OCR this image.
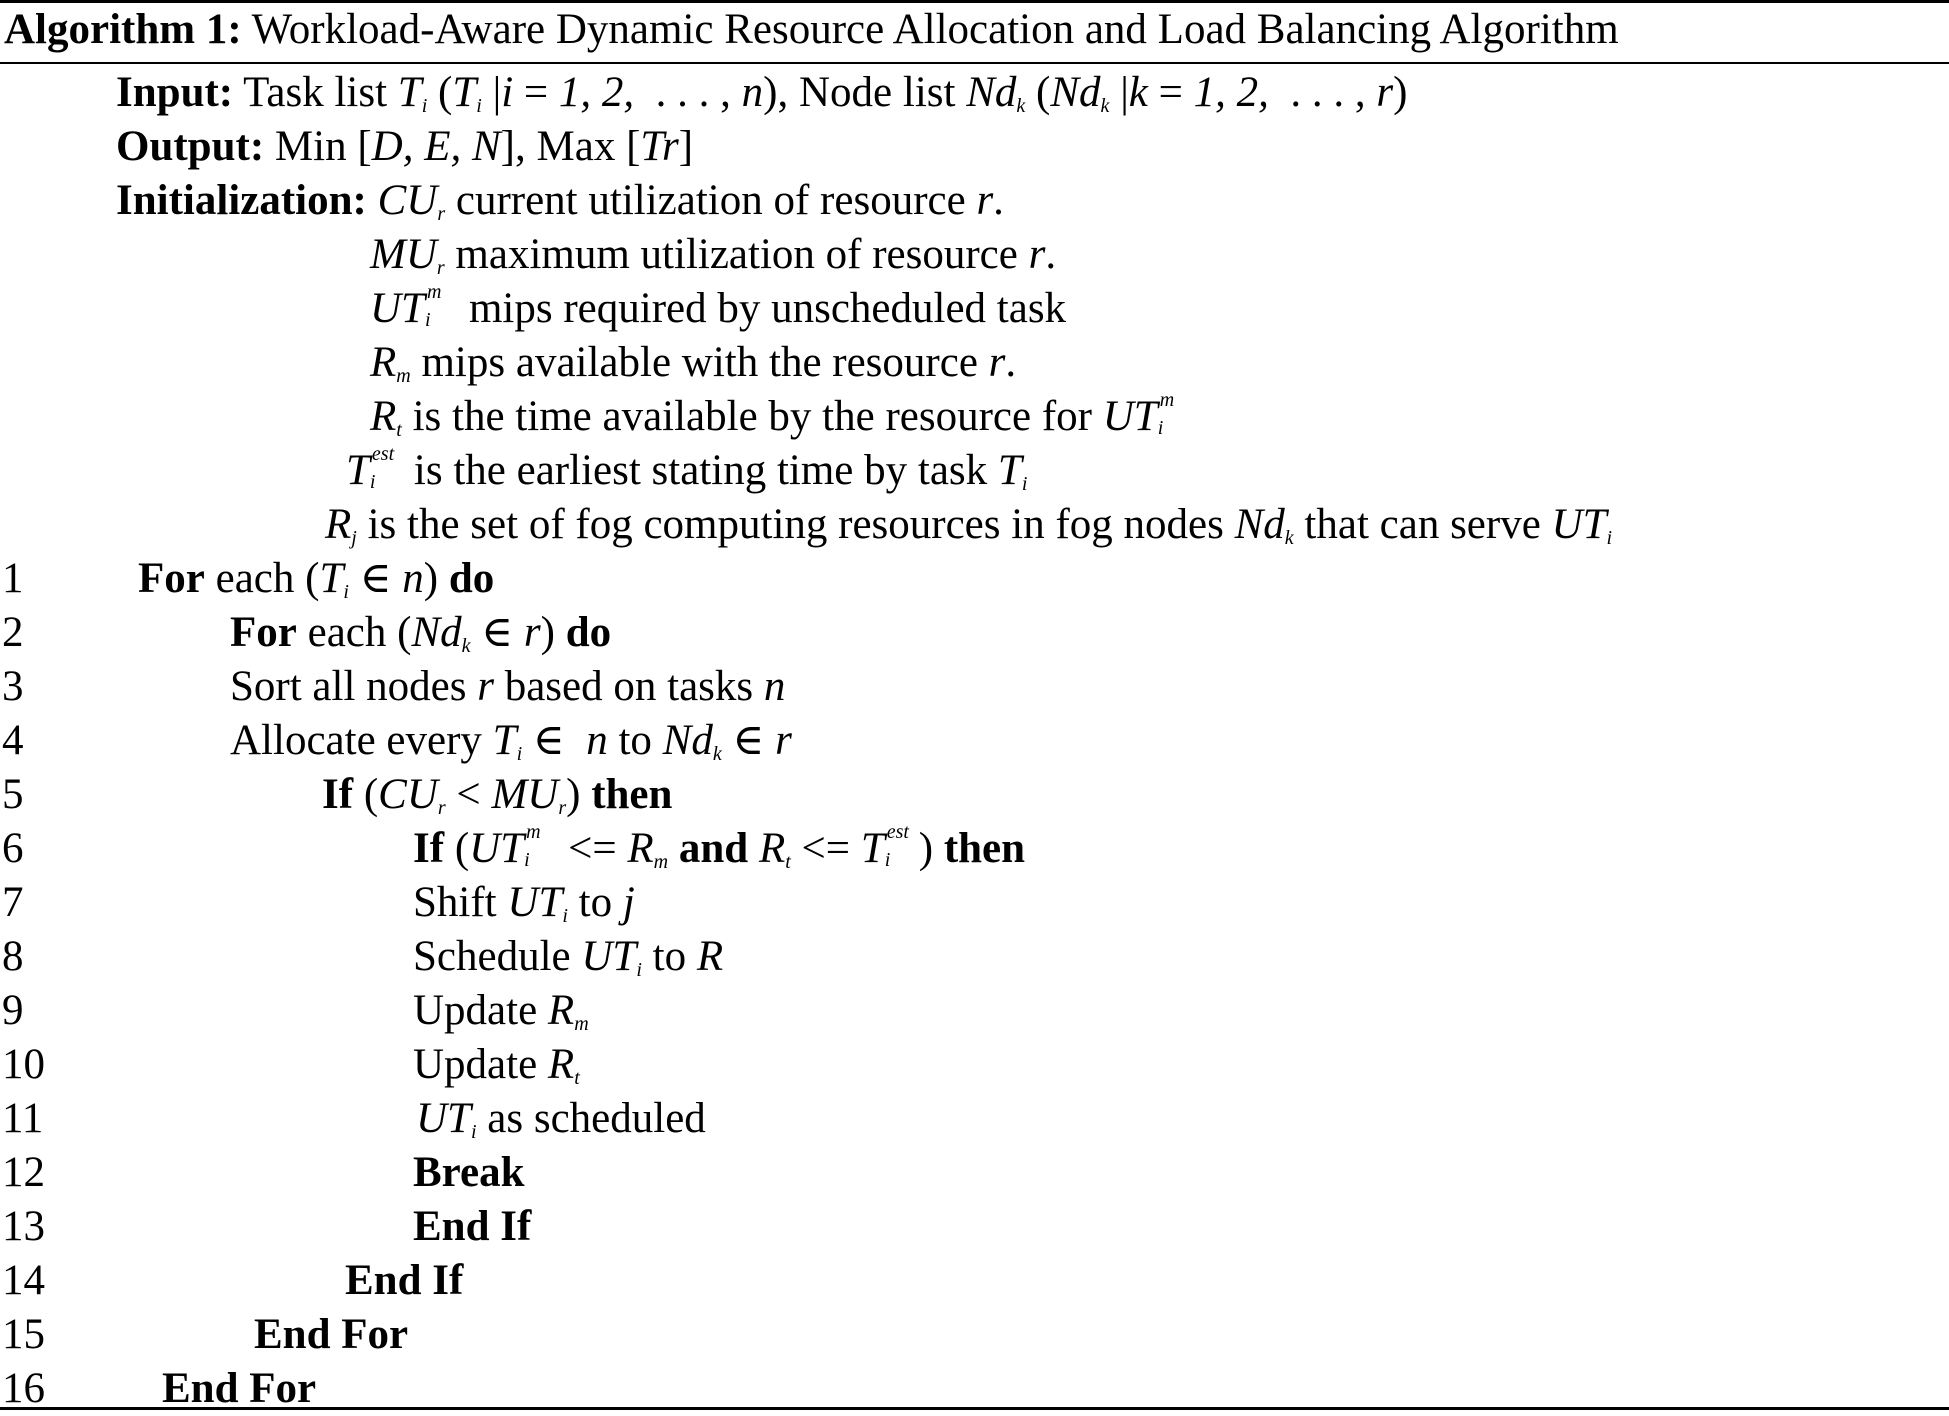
Algorithm 1: Workload-Aware Dynamic Resource Allocation and Load Balancing Algorithm
Input: Task list $T_i$ ($T_i$ |i = 1, 2,  . . . , n), Node list $Nd_k$ ($Nd_k$ |k = 1, 2,  . . . , r)
Output: Min [D, E, N], Max [Tr]
Initialization: $CU_r$ current utilization of resource r.
$MU_r$ maximum utilization of resource r.
UT m
i mips required by unscheduled task
$R_m$ mips available with the resource r.
$R_t$ is the time available by the resource for UT m
i
T est
i is the earliest stating time by task $T_i$
$R_j$ is the set of fog computing resources in fog nodes $Nd_k$ that can serve $UT_i$
1	For each ($T_i$ ∈ n) do
2	For each ($Nd_k$ ∈ r) do
3	Sort all nodes r based on tasks n
4	Allocate every $T_i$ ∈  n to $Nd_k$ ∈ r
5	If $(CU_r < MU_r)$ then
6	If (UT m
$i <= R_m$ and $R_t <= T$ est
i ) then
7	Shift $UT_i$ to j
8	Schedule $UT_i$ to R
9	Update $R_m$
10	Update $R_t$
11	$UT_i$ as scheduled
12	Break
13	End If
14	End If
15	End For
16	End For
